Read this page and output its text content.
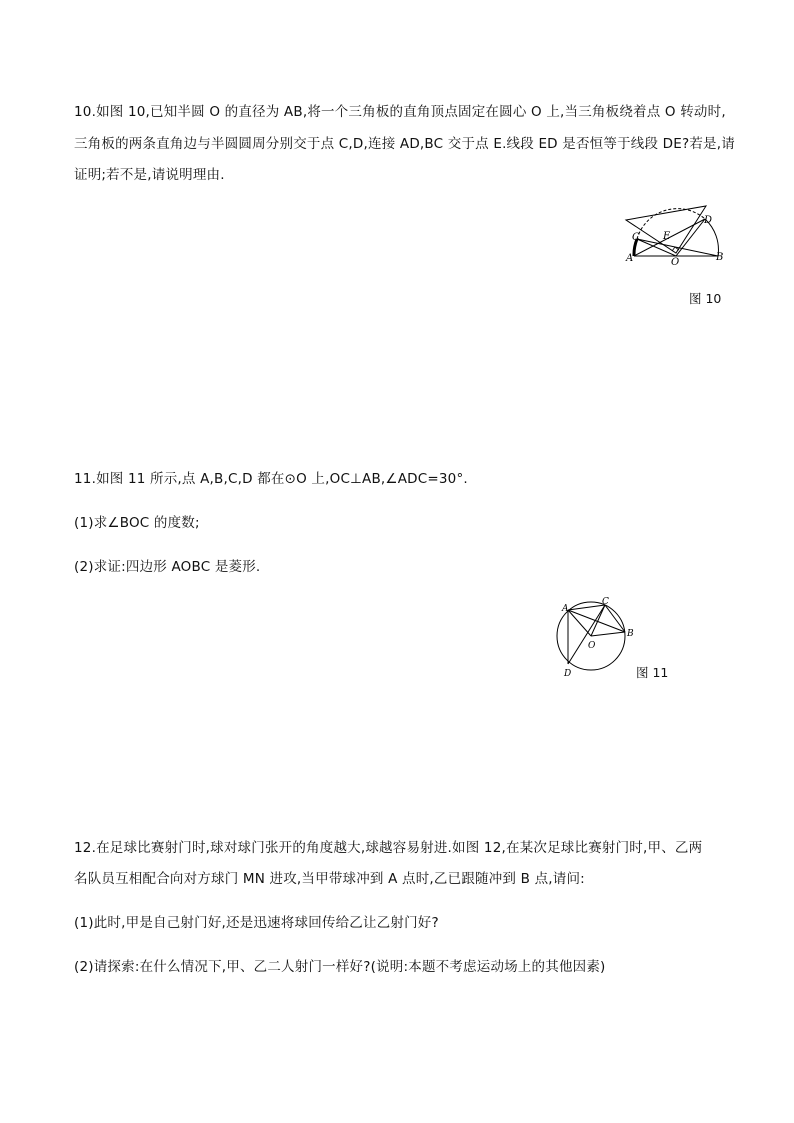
10.如图 10,已知半圆 O 的直径为 AB,将一个三角板的直角顶点固定在圆心 O 上,当三角板绕着点 O 转动时,
三角板的两条直角边与半圆圆周分别交于点 C,D,连接 AD,BC 交于点 E.线段 ED 是否恒等于线段 DE?若是,请
证明;若不是,请说明理由.
C
D
E
A	O	B
图 10
11.如图 11 所示,点 A,B,C,D 都在⊙O 上,OC⊥AB,∠ADC=30°.
(1)求∠BOC 的度数;
(2)求证:四边形 AOBC 是菱形.
A
C
B
O
D	图 11
12.在足球比赛射门时,球对球门张开的角度越大,球越容易射进.如图 12,在某次足球比赛射门时,甲、乙两
名队员互相配合向对方球门 MN 进攻,当甲带球冲到 A 点时,乙已跟随冲到 B 点,请问:
(1)此时,甲是自己射门好,还是迅速将球回传给乙让乙射门好?
(2)请探索:在什么情况下,甲、乙二人射门一样好?(说明:本题不考虑运动场上的其他因素)
